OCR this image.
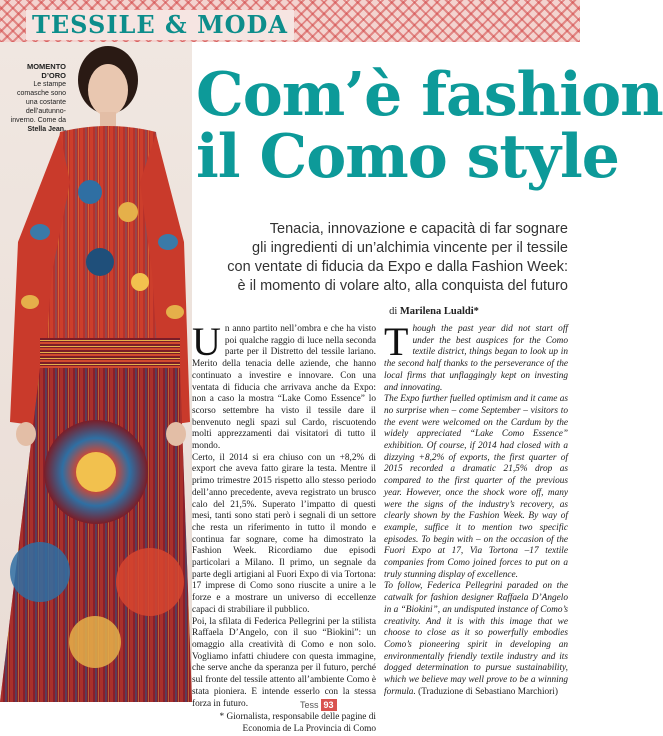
TESSILE & MODA
MOMENTO D’ORO
Le stampe comasche sono una costante dell’autunno-inverno. Come da Stella Jean. Com’è fashion
il Como style
Tenacia, innovazione e capacità di far sognare
gli ingredienti di un’alchimia vincente per il tessile
con ventate di fiducia da Expo e dalla Fashion Week:
è il momento di volare alto, alla conquista del futuro
di Marilena Lualdi*

Un anno partito nell’ombra e che ha visto poi qualche raggio di luce nella seconda parte per il Distretto del tessile lariano. Merito della tenacia delle aziende, che hanno continuato a investire e innovare. Con una ventata di fiducia che arrivava anche da Expo: non a caso la mostra “Lake Como Essence” lo scorso settembre ha visto il tessile dare il benvenuto negli spazi sul Cardo, riscuotendo molti apprezzamenti dai visitatori di tutto il mondo.

Certo, il 2014 si era chiuso con un +8,2% di export che aveva fatto girare la testa. Mentre il primo trimestre 2015 rispetto allo stesso periodo dell’anno precedente, aveva registrato un brusco calo del 21,5%. Superato l’impatto di questi mesi, tanti sono stati però i segnali di un settore che resta un riferimento in tutto il mondo e continua far sognare, come ha dimostrato la Fashion Week. Ricordiamo due episodi particolari a Milano. Il primo, un segnale da parte degli artigiani al Fuori Expo di via Tortona: 17 imprese di Como sono riuscite a unire a le forze e a mostrare un universo di eccellenze capaci di strabiliare il pubblico.

Poi, la sfilata di Federica Pellegrini per la stilista Raffaela D’Angelo, con il suo “Biokini”: un omaggio alla creatività di Como e non solo. Vogliamo infatti chiudere con questa immagine, che serve anche da speranza per il futuro, perché sul fronte del tessile attento all’ambiente Como è stata pioniera. E intende esserlo con la stessa forza in futuro.

* Giornalista, responsabile delle pagine di Economia de La Provincia di Como

Though the past year did not start off under the best auspices for the Como textile district, things began to look up in the second half thanks to the perseverance of the local firms that unflaggingly kept on investing and innovating.

The Expo further fuelled optimism and it came as no surprise when – come September – visitors to the event were welcomed on the Cardum by the widely appreciated “Lake Como Essence” exhibition. Of course, if 2014 had closed with a dizzying +8,2% of exports, the first quarter of 2015 recorded a dramatic 21,5% drop as compared to the first quarter of the previous year. However, once the shock wore off, many were the signs of the industry’s recovery, as clearly shown by the Fashion Week. By way of example, suffice it to mention two specific episodes. To begin with – on the occasion of the Fuori Expo at 17, Via Tortona –17 textile companies from Como joined forces to put on a truly stunning display of excellence.

To follow, Federica Pellegrini paraded on the catwalk for fashion designer Raffaela D’Angelo in a “Biokini”, an undisputed instance of Como’s creativity. And it is with this image that we choose to close as it so powerfully embodies Como’s pioneering spirit in developing an environmentally friendly textile industry and its dogged determination to pursue sustainability, which we believe may well prove to be a winning formula. (Traduzione di Sebastiano Marchiori)

Tess 93
